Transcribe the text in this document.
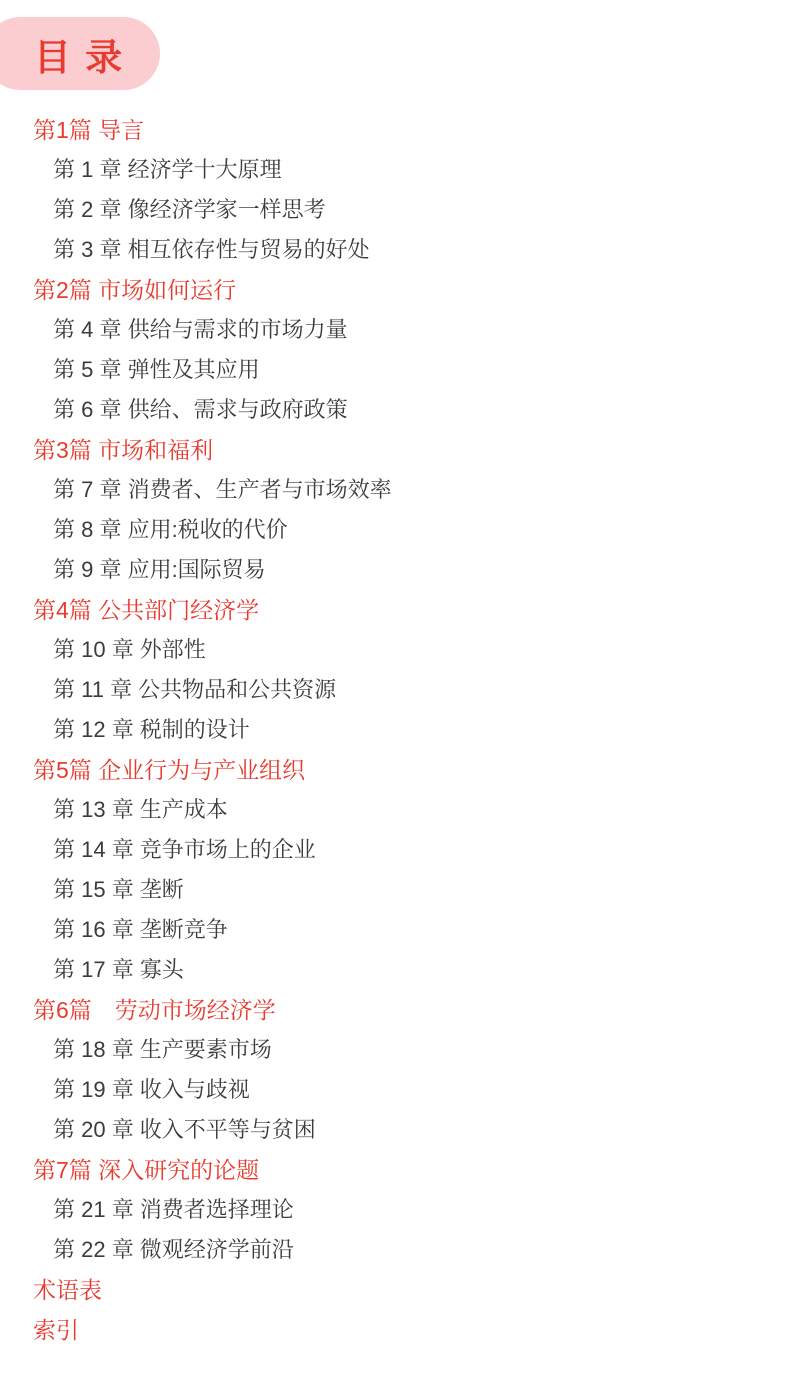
目 录
第1篇 导言
第 1 章 经济学十大原理
第 2 章 像经济学家一样思考
第 3 章 相互依存性与贸易的好处
第2篇 市场如何运行
第 4 章 供给与需求的市场力量
第 5 章 弹性及其应用
第 6 章 供给、需求与政府政策
第3篇 市场和福利
第 7 章 消费者、生产者与市场效率
第 8 章 应用:税收的代价
第 9 章 应用:国际贸易
第4篇 公共部门经济学
第 10 章 外部性
第 11 章 公共物品和公共资源
第 12 章 税制的设计
第5篇 企业行为与产业组织
第 13 章 生产成本
第 14 章 竞争市场上的企业
第 15 章 垄断
第 16 章 垄断竞争
第 17 章 寡头
第6篇　劳动市场经济学
第 18 章 生产要素市场
第 19 章 收入与歧视
第 20 章 收入不平等与贫困
第7篇 深入研究的论题
第 21 章 消费者选择理论
第 22 章 微观经济学前沿
术语表
索引
